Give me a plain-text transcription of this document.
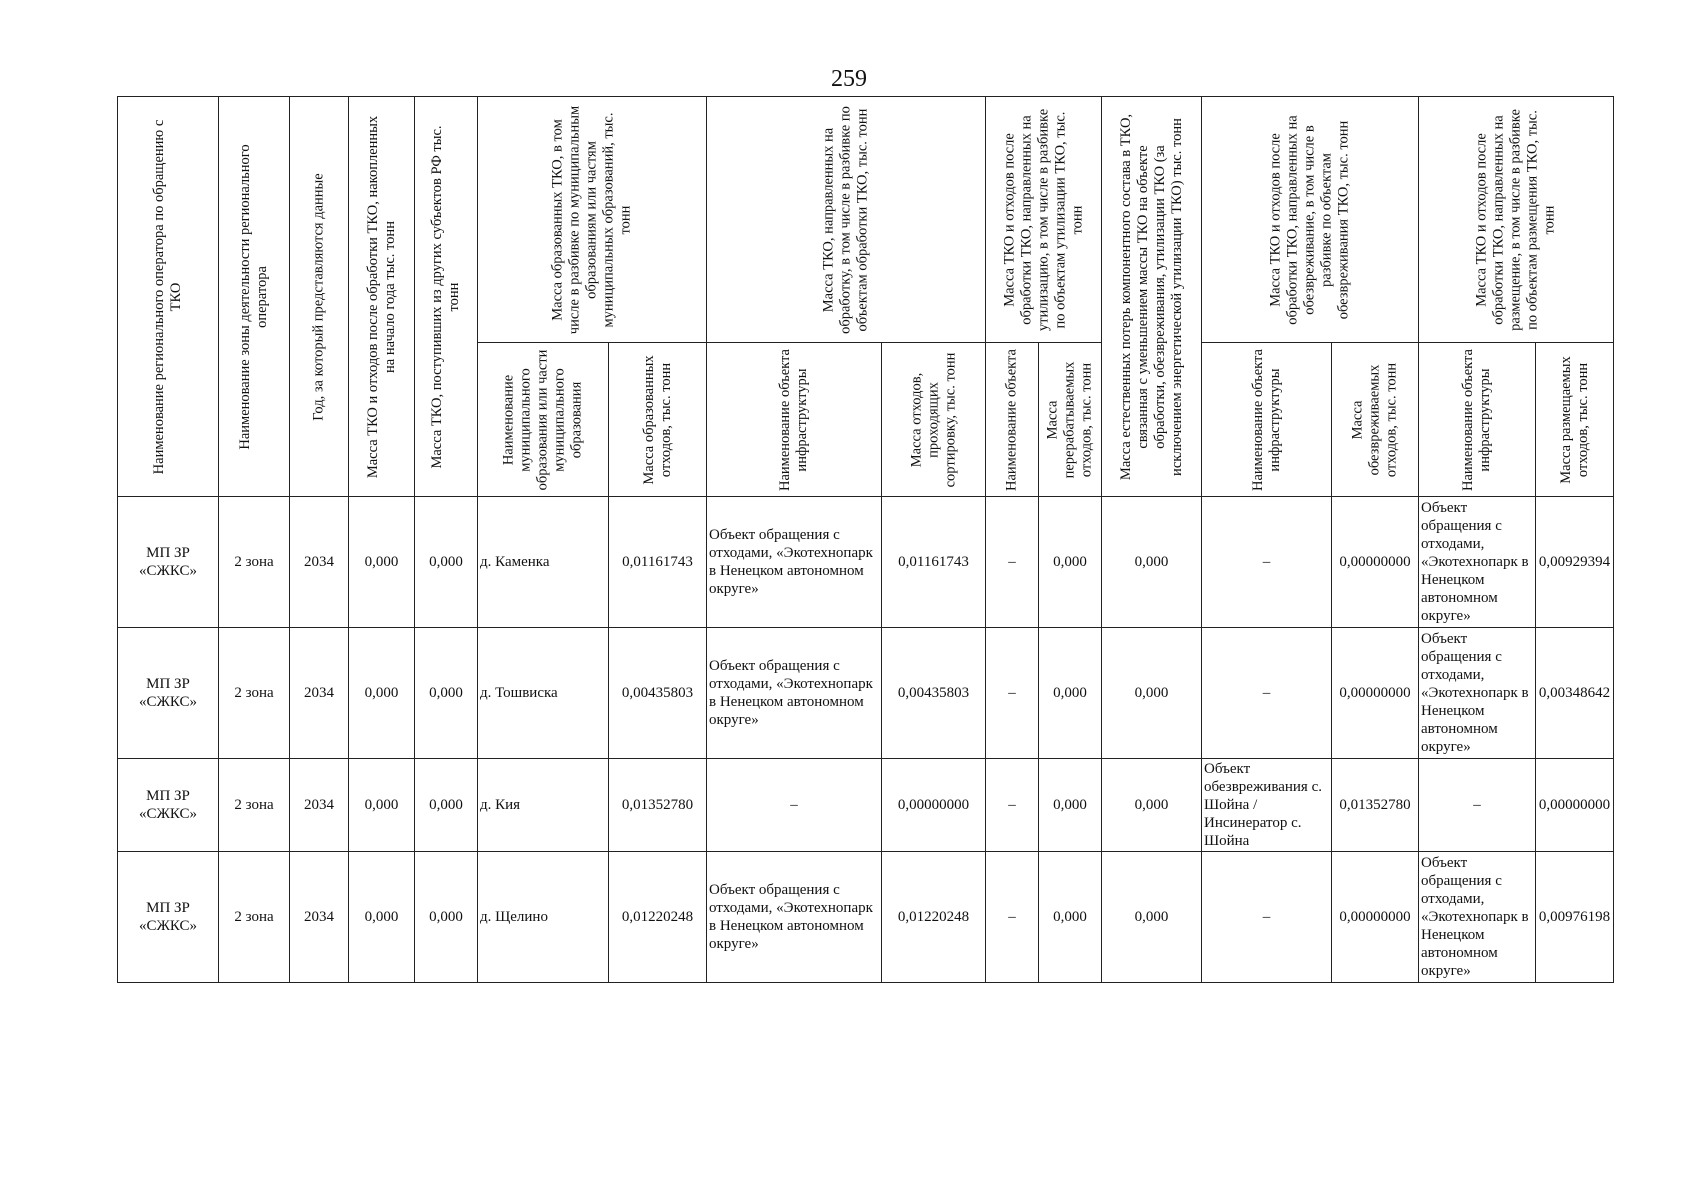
259
Наименование регионального оператора по обращению с ТКО	Наименование зоны деятельности регионального оператора	Год, за который представляются данные	Масса ТКО и отходов после обработки ТКО, накопленных на начало года тыс. тонн	Масса ТКО, поступивших из других субъектов РФ тыс. тонн	Масса образованных ТКО, в том числе в разбивке по муниципальным образованиям или частям муниципальных образований, тыс. тонн		Масса ТКО, направленных на обработку, в том числе в разбивке по объектам обработки ТКО, тыс. тонн		Масса ТКО и отходов после обработки ТКО, направленных на утилизацию, в том числе в разбивке по объектам утилизации ТКО, тыс. тонн		Масса естественных потерь компонентного состава в ТКО, связанная с уменьшением массы ТКО на объекте обработки, обезвреживания, утилизации ТКО (за исключением энергетической утилизации ТКО) тыс. тонн	Масса ТКО и отходов после обработки ТКО, направленных на обезвреживание, в том числе в разбивке по объектам обезвреживания ТКО, тыс. тонн		Масса ТКО и отходов после обработки ТКО, направленных на размещение, в том числе в разбивке по объектам размещения ТКО, тыс. тонн	

					Наименование муниципального образования или части муниципального образования	Масса образованных отходов, тыс. тонн	Наименование объекта инфраструктуры	Масса отходов, проходящих сортировку, тыс. тонн	Наименование объекта	Масса перерабатываемых отходов, тыс. тонн		Наименование объекта инфраструктуры	Масса обезвреживаемых отходов, тыс. тонн	Наименование объекта инфраструктуры	Масса размещаемых отходов, тыс. тонн

МП ЗР «СЖКС»	2 зона	2034	0,000	0,000	д. Каменка	0,01161743	Объект обращения с отходами, «Экотехнопарк в Ненецком автономном округе»	0,01161743	–	0,000	0,000	–	0,00000000	Объект обращения с отходами, «Экотехнопарк в Ненецком автономном округе»	0,00929394
МП ЗР «СЖКС»	2 зона	2034	0,000	0,000	д. Тошвиска	0,00435803	Объект обращения с отходами, «Экотехнопарк в Ненецком автономном округе»	0,00435803	–	0,000	0,000	–	0,00000000	Объект обращения с отходами, «Экотехнопарк в Ненецком автономном округе»	0,00348642
МП ЗР «СЖКС»	2 зона	2034	0,000	0,000	д. Кия	0,01352780	–	0,00000000	–	0,000	0,000	Объект обезвреживания с. Шойна / Инсинератор с. Шойна	0,01352780	–	0,00000000
МП ЗР «СЖКС»	2 зона	2034	0,000	0,000	д. Щелино	0,01220248	Объект обращения с отходами, «Экотехнопарк в Ненецком автономном округе»	0,01220248	–	0,000	0,000	–	0,00000000	Объект обращения с отходами, «Экотехнопарк в Ненецком автономном округе»	0,00976198
